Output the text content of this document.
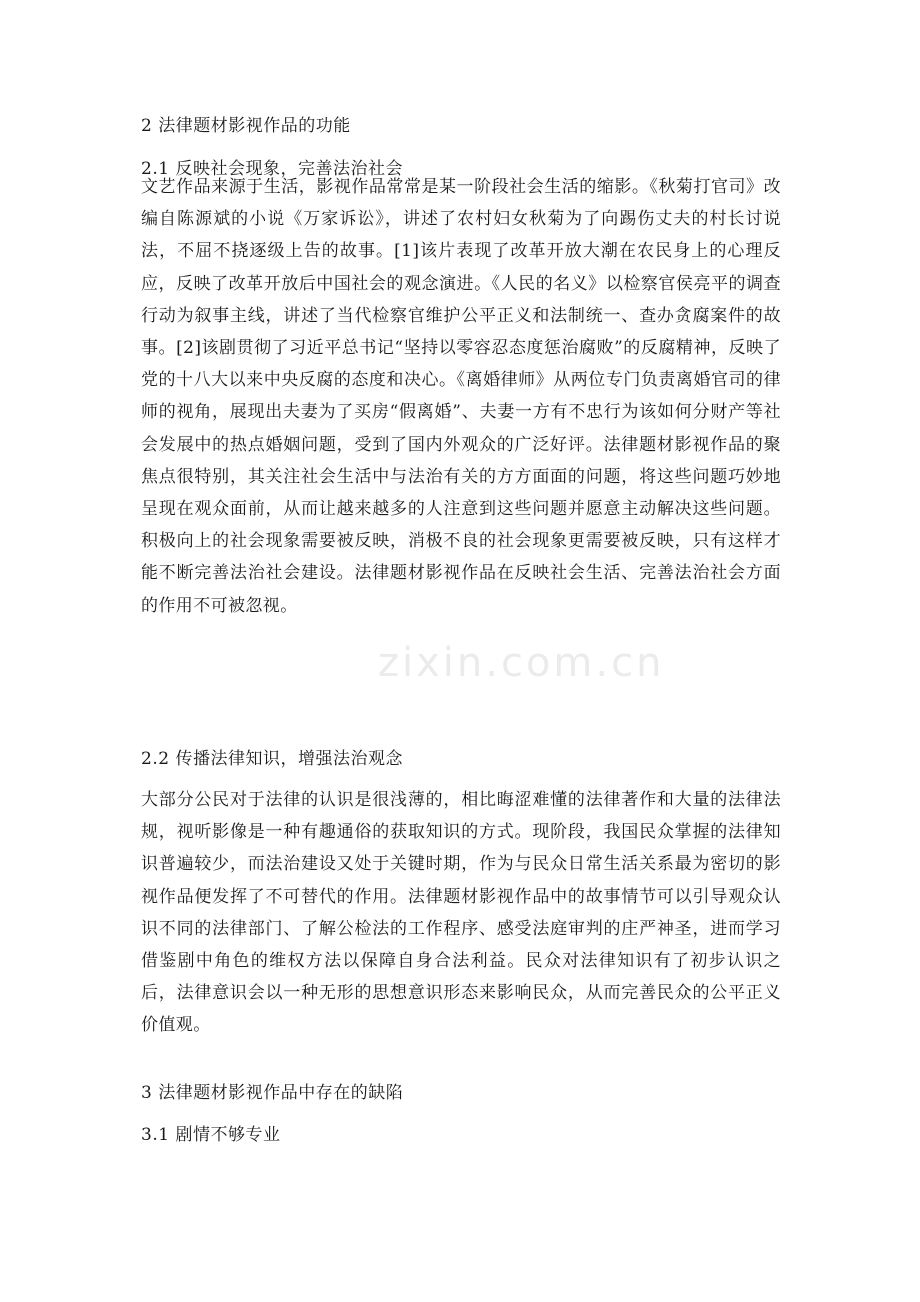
zixin.com.cn
2 法律题材影视作品的功能
2.1 反映社会现象，完善法治社会
文艺作品来源于生活，影视作品常常是某一阶段社会生活的缩影。《秋菊打官司》改编自陈源斌的小说《万家诉讼》，讲述了农村妇女秋菊为了向踢伤丈夫的村长讨说法，不屈不挠逐级上告的故事。[1]该片表现了改革开放大潮在农民身上的心理反应，反映了改革开放后中国社会的观念演进。《人民的名义》以检察官侯亮平的调查行动为叙事主线，讲述了当代检察官维护公平正义和法制统一、查办贪腐案件的故事。[2]该剧贯彻了习近平总书记“坚持以零容忍态度惩治腐败”的反腐精神，反映了党的十八大以来中央反腐的态度和决心。《离婚律师》从两位专门负责离婚官司的律师的视角，展现出夫妻为了买房“假离婚”、夫妻一方有不忠行为该如何分财产等社会发展中的热点婚姻问题，受到了国内外观众的广泛好评。法律题材影视作品的聚焦点很特别，其关注社会生活中与法治有关的方方面面的问题，将这些问题巧妙地呈现在观众面前，从而让越来越多的人注意到这些问题并愿意主动解决这些问题。积极向上的社会现象需要被反映，消极不良的社会现象更需要被反映，只有这样才能不断完善法治社会建设。法律题材影视作品在反映社会生活、完善法治社会方面的作用不可被忽视。
2.2 传播法律知识，增强法治观念
大部分公民对于法律的认识是很浅薄的，相比晦涩难懂的法律著作和大量的法律法规，视听影像是一种有趣通俗的获取知识的方式。现阶段，我国民众掌握的法律知识普遍较少，而法治建设又处于关键时期，作为与民众日常生活关系最为密切的影视作品便发挥了不可替代的作用。法律题材影视作品中的故事情节可以引导观众认识不同的法律部门、了解公检法的工作程序、感受法庭审判的庄严神圣，进而学习借鉴剧中角色的维权方法以保障自身合法利益。民众对法律知识有了初步认识之后，法律意识会以一种无形的思想意识形态来影响民众，从而完善民众的公平正义价值观。
3 法律题材影视作品中存在的缺陷
3.1 剧情不够专业
